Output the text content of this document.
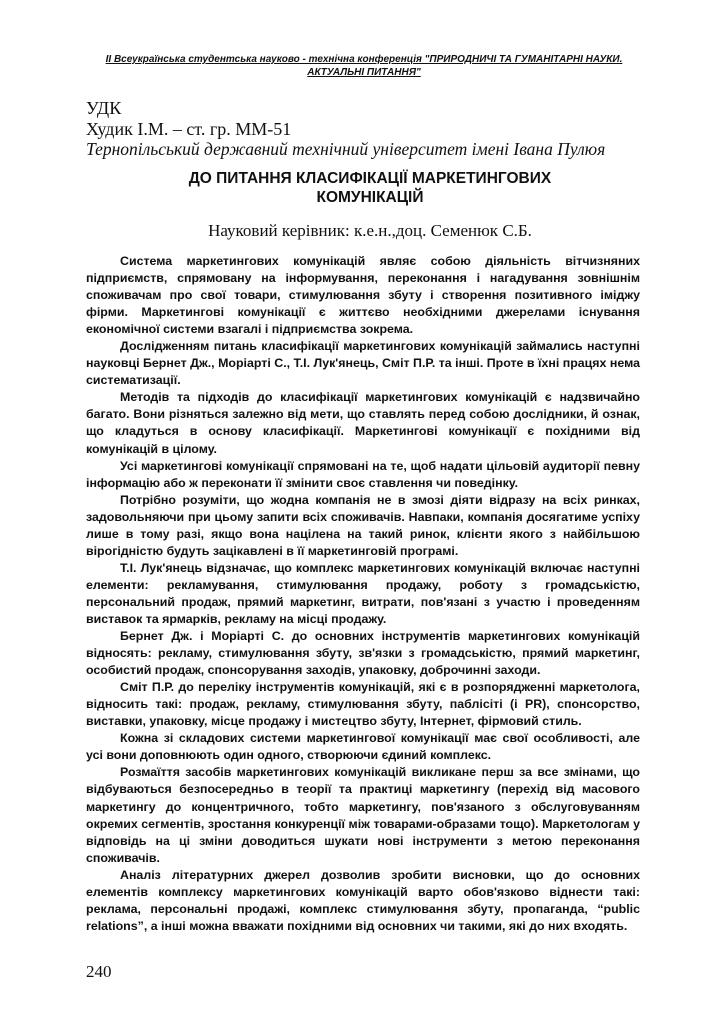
II Всеукраїнська студентська науково - технічна конференція "ПРИРОДНИЧІ ТА ГУМАНІТАРНІ НАУКИ.
АКТУАЛЬНІ ПИТАННЯ"
УДК
Худик І.М. – ст. гр. ММ-51
Тернопільський державний технічний університет імені Івана Пулюя
ДО ПИТАННЯ КЛАСИФІКАЦІЇ МАРКЕТИНГОВИХ
КОМУНІКАЦІЙ
Науковий керівник: к.е.н.,доц. Семенюк С.Б.

Система маркетингових комунікацій являє собою діяльність вітчизняних підприємств, спрямовану на інформування, переконання і нагадування зовнішнім споживачам про свої товари, стимулювання збуту і створення позитивного іміджу фірми. Маркетингові комунікації є життєво необхідними джерелами існування економічної системи взагалі і підприємства зокрема.

Дослідженням питань класифікації маркетингових комунікацій займались наступні науковці Бернет Дж., Моріарті С., Т.І. Лук'янець, Сміт П.Р. та інші. Проте в їхні працях нема систематизації.

Методів та підходів до класифікації маркетингових комунікацій є надзвичайно багато. Вони різняться залежно від мети, що ставлять перед собою дослідники, й ознак, що кладуться в основу класифікації. Маркетингові комунікації є похідними від комунікацій в цілому.

Усі маркетингові комунікації спрямовані на те, щоб надати цільовій аудиторії певну інформацію або ж переконати її змінити своє ставлення чи поведінку.

Потрібно розуміти, що жодна компанія не в змозі діяти відразу на всіх ринках, задовольняючи при цьому запити всіх споживачів. Навпаки, компанія досягатиме успіху лише в тому разі, якщо вона націлена на такий ринок, клієнти якого з найбільшою вірогідністю будуть зацікавлені в її маркетинговій програмі.

Т.І. Лук'янець відзначає, що комплекс маркетингових комунікацій включає наступні елементи: рекламування, стимулювання продажу, роботу з громадськістю, персональний продаж, прямий маркетинг, витрати, пов'язані з участю і проведенням виставок та ярмарків, рекламу на місці продажу.

Бернет Дж. і Моріарті С. до основних інструментів маркетингових комунікацій відносять: рекламу, стимулювання збуту, зв'язки з громадськістю, прямий маркетинг, особистий продаж, спонсорування заходів, упаковку, доброчинні заходи.

Сміт П.Р. до переліку інструментів комунікацій, які є в розпорядженні маркетолога, відносить такі: продаж, рекламу, стимулювання збуту, паблісіті (і PR), спонсорство, виставки, упаковку, місце продажу і мистецтво збуту, Інтернет, фірмовий стиль.

Кожна зі складових системи маркетингової комунікації має свої особливості, але усі вони доповнюють один одного, створюючи єдиний комплекс.

Розмаїття засобів маркетингових комунікацій викликане перш за все змінами, що відбуваються безпосередньо в теорії та практиці маркетингу (перехід від масового маркетингу до концентричного, тобто маркетингу, пов'язаного з обслуговуванням окремих сегментів, зростання конкуренції між товарами-образами тощо). Маркетологам у відповідь на ці зміни доводиться шукати нові інструменти з метою переконання споживачів.

Аналіз літературних джерел дозволив зробити висновки, що до основних елементів комплексу маркетингових комунікацій варто обов'язково віднести такі: реклама, персональні продажі, комплекс стимулювання збуту, пропаганда, “public relations”, а інші можна вважати похідними від основних чи такими, які до них входять.

240
